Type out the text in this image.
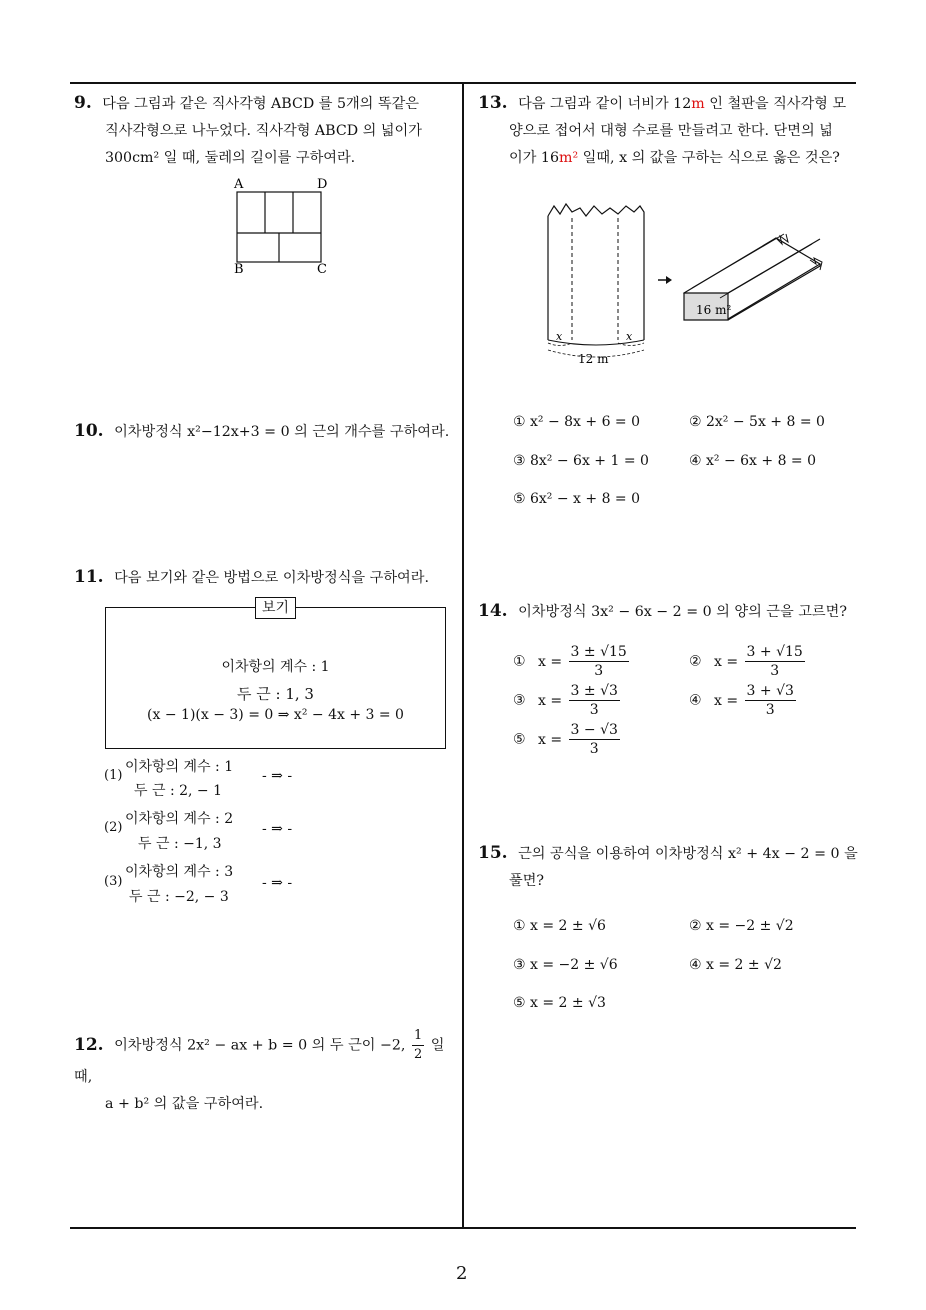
2
9. 다음 그림과 같은 직사각형 ABCD 를 5개의 똑같은
직사각형으로 나누었다. 직사각형 ABCD 의 넓이가
300cm² 일 때, 둘레의 길이를 구하여라.
A	D
B	C
10. 이차방정식 x²−12x+3 = 0 의 근의 개수를 구하여라.
11. 다음 보기와 같은 방법으로 이차방정식을 구하여라.
보기
이차항의 계수 : 1
두 근 : 1, 3
(x − 1)(x − 3) = 0 ⇒ x² − 4x + 3 = 0
(1)
이차항의 계수 : 1
두 근 : 2, − 1
- ⇒ -
(2)
이차항의 계수 : 2
두 근 : −1, 3
- ⇒ -
(3)
이차항의 계수 : 3
두 근 : −2, − 3
- ⇒ -
12. 이차방정식 2x² − ax + b = 0 의 두 근이 −2, $\frac{1}{2}$ 일 때,
a + b² 의 값을 구하여라.
13. 다음 그림과 같이 너비가 12m 인 철판을 직사각형 모
양으로 접어서 대형 수로를 만들려고 한다. 단면의 넓
이가 16m² 일때, x 의 값을 구하는 식으로 옳은 것은?
x	x
12 m
16 m²
① x² − 8x + 6 = 0	② 2x² − 5x + 8 = 0
③ 8x² − 6x + 1 = 0	④ x² − 6x + 8 = 0
⑤ 6x² − x + 8 = 0
14. 이차방정식 3x² − 6x − 2 = 0 의 양의 근을 고르면?
① $x = \frac{3 \pm √15}{3}$	② $x = \frac{3 + √15}{3}$
③ $x = \frac{3 \pm √3}{3}$	④ $x = \frac{3 + √3}{3}$
⑤ $x = \frac{3 - √3}{3}$
15. 근의 공식을 이용하여 이차방정식 x² + 4x − 2 = 0 을
풀면?
① x = 2 ± √6	② x = −2 ± √2
③ x = −2 ± √6	④ x = 2 ± √2
⑤ x = 2 ± √3
